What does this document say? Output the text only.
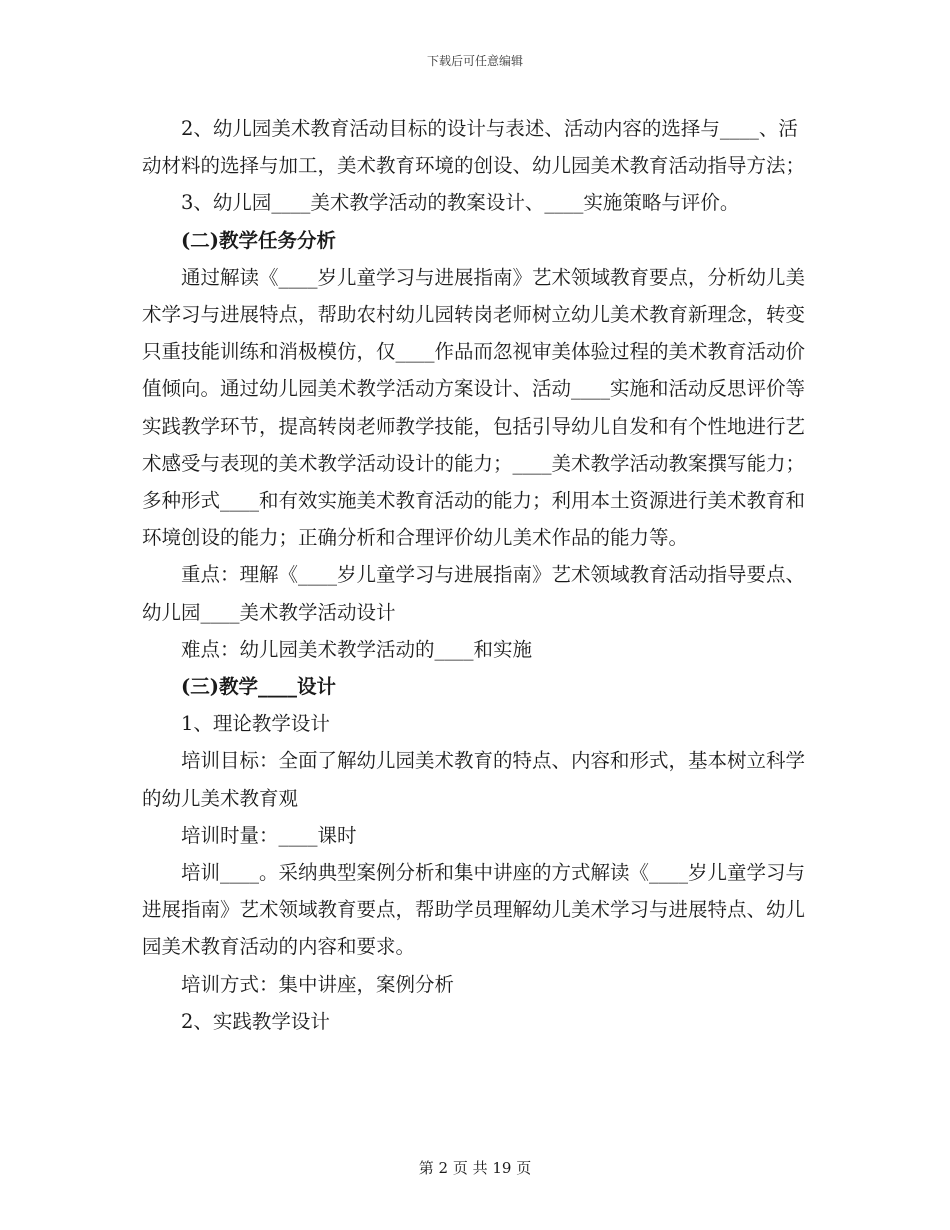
下载后可任意编辑

2、幼儿园美术教育活动目标的设计与表述、活动内容的选择与____、活动材料的选择与加工，美术教育环境的创设、幼儿园美术教育活动指导方法；

3、幼儿园____美术教学活动的教案设计、____实施策略与评价。

(二)教学任务分析

通过解读《____岁儿童学习与进展指南》艺术领域教育要点，分析幼儿美术学习与进展特点，帮助农村幼儿园转岗老师树立幼儿美术教育新理念，转变只重技能训练和消极模仿，仅____作品而忽视审美体验过程的美术教育活动价值倾向。通过幼儿园美术教学活动方案设计、活动____实施和活动反思评价等实践教学环节，提高转岗老师教学技能，包括引导幼儿自发和有个性地进行艺术感受与表现的美术教学活动设计的能力；____美术教学活动教案撰写能力；多种形式____和有效实施美术教育活动的能力；利用本土资源进行美术教育和环境创设的能力；正确分析和合理评价幼儿美术作品的能力等。

重点：理解《____岁儿童学习与进展指南》艺术领域教育活动指导要点、幼儿园____美术教学活动设计

难点：幼儿园美术教学活动的____和实施

(三)教学____设计

1、理论教学设计

培训目标：全面了解幼儿园美术教育的特点、内容和形式，基本树立科学的幼儿美术教育观

培训时量：____课时

培训____。采纳典型案例分析和集中讲座的方式解读《____岁儿童学习与进展指南》艺术领域教育要点，帮助学员理解幼儿美术学习与进展特点、幼儿园美术教育活动的内容和要求。

培训方式：集中讲座，案例分析

2、实践教学设计

第 2 页 共 19 页
